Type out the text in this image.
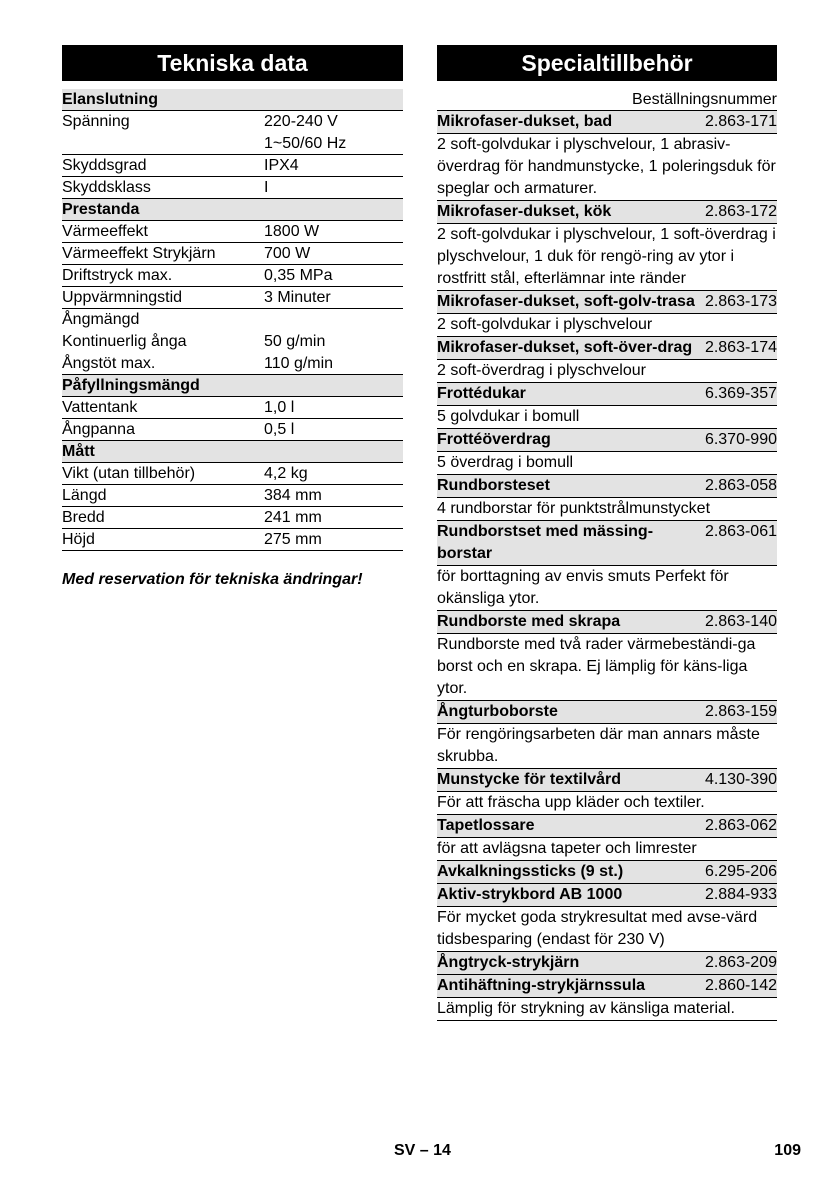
Tekniska data
Elanslutning
Spänning	220-240 V
1~50/60 Hz
Skyddsgrad	IPX4
Skyddsklass	I
Prestanda
Värmeeffekt	1800 W
Värmeeffekt Strykjärn	700 W
Driftstryck max.	0,35 MPa
Uppvärmningstid	3 Minuter
Ångmängd
Kontinuerlig ånga	50 g/min
Ångstöt max.	110 g/min
Påfyllningsmängd
Vattentank	1,0 l
Ångpanna	0,5 l
Mått
Vikt (utan tillbehör)	4,2 kg
Längd	384 mm
Bredd	241 mm
Höjd	275 mm
Med reservation för tekniska ändringar!
Specialtillbehör
Beställningsnummer
Mikrofaser-dukset, bad	2.863-171
2 soft-golvdukar i plyschvelour, 1 abrasiv-överdrag för handmunstycke, 1 poleringsduk för speglar och armaturer.
Mikrofaser-dukset, kök	2.863-172
2 soft-golvdukar i plyschvelour, 1 soft-överdrag i plyschvelour, 1 duk för rengö-ring av ytor i rostfritt stål, efterlämnar inte ränder
Mikrofaser-dukset, soft-golv-trasa 2.863-173
2 soft-golvdukar i plyschvelour
Mikrofaser-dukset, soft-över-drag 2.863-174
2 soft-överdrag i plyschvelour
Frottédukar	6.369-357
5 golvdukar i bomull
Frottéöverdrag	6.370-990
5 överdrag i bomull
Rundborsteset	2.863-058
4 rundborstar för punktstrålmunstycket
Rundborstset med mässing-borstar
2.863-061
för borttagning av envis smuts Perfekt för okänsliga ytor.
Rundborste med skrapa	2.863-140
Rundborste med två rader värmebeständi-ga borst och en skrapa. Ej lämplig för käns-liga ytor.
Ångturboborste	2.863-159
För rengöringsarbeten där man annars måste skrubba.
Munstycke för textilvård	4.130-390
För att fräscha upp kläder och textiler.
Tapetlossare	2.863-062
för att avlägsna tapeter och limrester
Avkalkningssticks (9 st.)	6.295-206
Aktiv-strykbord AB 1000	2.884-933
För mycket goda strykresultat med avse-värd tidsbesparing (endast för 230 V)
Ångtryck-strykjärn	2.863-209
Antihäftning-strykjärnssula	2.860-142
Lämplig för strykning av känsliga material.
SV – 14	109
